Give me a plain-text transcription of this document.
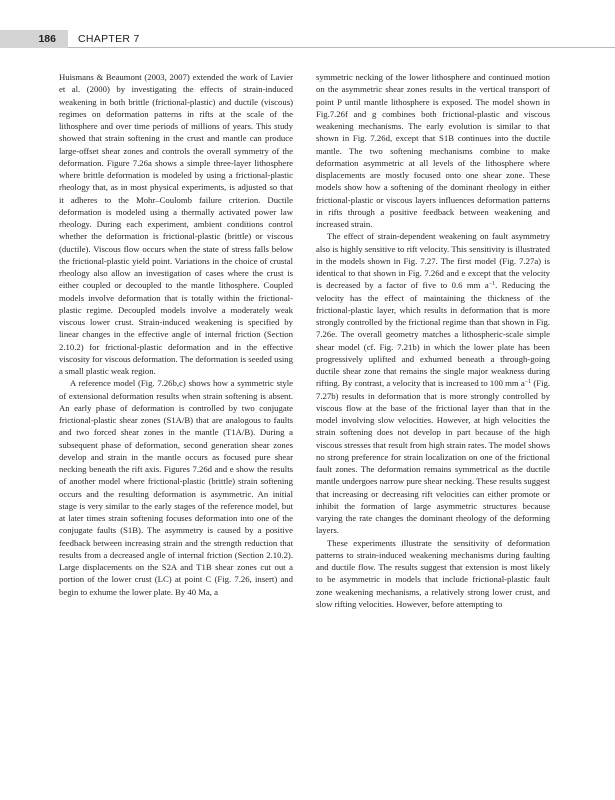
186	CHAPTER 7

Huismans & Beaumont (2003, 2007) extended the work of Lavier et al. (2000) by investigating the effects of strain-induced weakening in both brittle (frictional-plastic) and ductile (viscous) regimes on deformation patterns in rifts at the scale of the lithosphere and over time periods of millions of years. This study showed that strain softening in the crust and mantle can produce large-offset shear zones and controls the overall symmetry of the deformation. Figure 7.26a shows a simple three-layer lithosphere where brittle deformation is modeled by using a frictional-plastic rheology that, as in most physical experiments, is adjusted so that it adheres to the Mohr–Coulomb failure criterion. Ductile deformation is modeled using a thermally activated power law rheology. During each experiment, ambient conditions control whether the deformation is frictional-plastic (brittle) or viscous (ductile). Viscous flow occurs when the state of stress falls below the frictional-plastic yield point. Variations in the choice of crustal rheology also allow an investigation of cases where the crust is either coupled or decoupled to the mantle lithosphere. Coupled models involve deformation that is totally within the frictional-plastic regime. Decoupled models involve a moderately weak viscous lower crust. Strain-induced weakening is specified by linear changes in the effective angle of internal friction (Section 2.10.2) for frictional-plastic deformation and in the effective viscosity for viscous deformation. The deformation is seeded using a small plastic weak region.

A reference model (Fig. 7.26b,c) shows how a symmetric style of extensional deformation results when strain softening is absent. An early phase of deformation is controlled by two conjugate frictional-plastic shear zones (S1A/B) that are analogous to faults and two forced shear zones in the mantle (T1A/B). During a subsequent phase of deformation, second generation shear zones develop and strain in the mantle occurs as focused pure shear necking beneath the rift axis. Figures 7.26d and e show the results of another model where frictional-plastic (brittle) strain softening occurs and the resulting deformation is asymmetric. An initial stage is very similar to the early stages of the reference model, but at later times strain softening focuses deformation into one of the conjugate faults (S1B). The asymmetry is caused by a positive feedback between increasing strain and the strength reduction that results from a decreased angle of internal friction (Section 2.10.2). Large displacements on the S2A and T1B shear zones cut out a portion of the lower crust (LC) at point C (Fig. 7.26, insert) and begin to exhume the lower plate. By 40 Ma, a

symmetric necking of the lower lithosphere and continued motion on the asymmetric shear zones results in the vertical transport of point P until mantle lithosphere is exposed. The model shown in Fig.7.26f and g combines both frictional-plastic and viscous weakening mechanisms. The early evolution is similar to that shown in Fig. 7.26d, except that S1B continues into the ductile mantle. The two softening mechanisms combine to make deformation asymmetric at all levels of the lithosphere where displacements are mostly focused onto one shear zone. These models show how a softening of the dominant rheology in either frictional-plastic or viscous layers influences deformation patterns in rifts through a positive feedback between weakening and increased strain.

The effect of strain-dependent weakening on fault asymmetry also is highly sensitive to rift velocity. This sensitivity is illustrated in the models shown in Fig. 7.27. The first model (Fig. 7.27a) is identical to that shown in Fig. 7.26d and e except that the velocity is decreased by a factor of five to 0.6 mm $a^{-1}$. Reducing the velocity has the effect of maintaining the thickness of the frictional-plastic layer, which results in deformation that is more strongly controlled by the frictional regime than that shown in Fig. 7.26e. The overall geometry matches a lithospheric-scale simple shear model (cf. Fig. 7.21b) in which the lower plate has been progressively uplifted and exhumed beneath a through-going ductile shear zone that remains the single major weakness during rifting. By contrast, a velocity that is increased to 100 mm $a^{-1}$ (Fig. 7.27b) results in deformation that is more strongly controlled by viscous flow at the base of the frictional layer than that in the model involving slow velocities. However, at high velocities the strain softening does not develop in part because of the high viscous stresses that result from high strain rates. The model shows no strong preference for strain localization on one of the frictional fault zones. The deformation remains symmetrical as the ductile mantle undergoes narrow pure shear necking. These results suggest that increasing or decreasing rift velocities can either promote or inhibit the formation of large asymmetric structures because varying the rate changes the dominant rheology of the deforming layers.

These experiments illustrate the sensitivity of deformation patterns to strain-induced weakening mechanisms during faulting and ductile flow. The results suggest that extension is most likely to be asymmetric in models that include frictional-plastic fault zone weakening mechanisms, a relatively strong lower crust, and slow rifting velocities. However, before attempting to
